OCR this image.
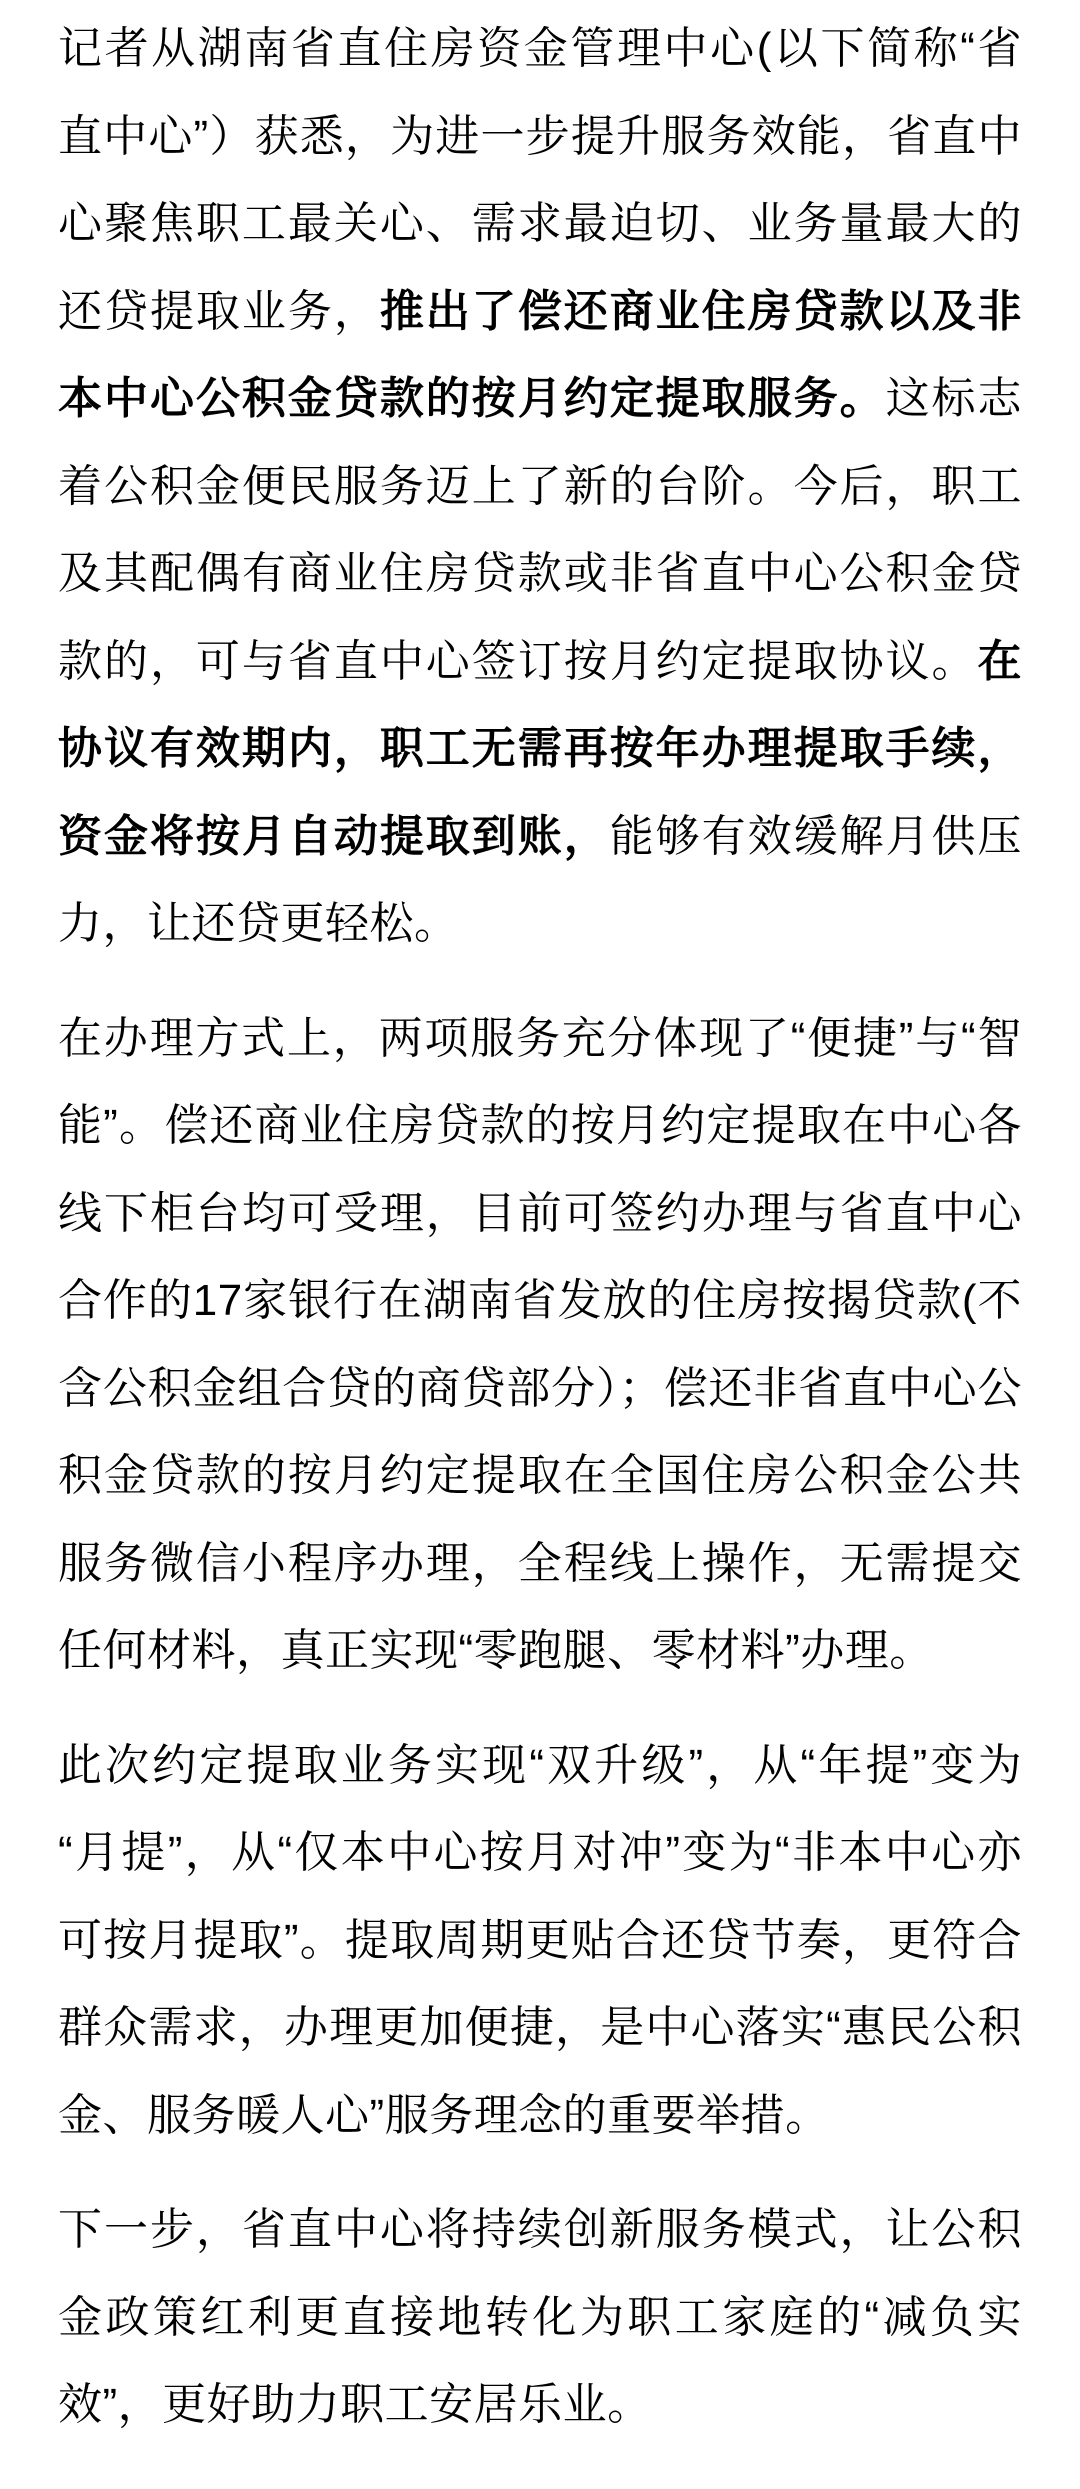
记者从湖南省直住房资金管理中心(以下简称“省直中心”）获悉，为进一步提升服务效能，省直中心聚焦职工最关心、需求最迫切、业务量最大的还贷提取业务，推出了偿还商业住房贷款以及非本中心公积金贷款的按月约定提取服务。这标志着公积金便民服务迈上了新的台阶。今后，职工及其配偶有商业住房贷款或非省直中心公积金贷款的，可与省直中心签订按月约定提取协议。在协议有效期内，职工无需再按年办理提取手续，资金将按月自动提取到账，能够有效缓解月供压力，让还贷更轻松。

在办理方式上，两项服务充分体现了“便捷”与“智能”。偿还商业住房贷款的按月约定提取在中心各线下柜台均可受理，目前可签约办理与省直中心合作的17家银行在湖南省发放的住房按揭贷款(不含公积金组合贷的商贷部分）；偿还非省直中心公积金贷款的按月约定提取在全国住房公积金公共服务微信小程序办理，全程线上操作，无需提交任何材料，真正实现“零跑腿、零材料”办理。

此次约定提取业务实现“双升级”，从“年提”变为“月提”，从“仅本中心按月对冲”变为“非本中心亦可按月提取”。提取周期更贴合还贷节奏，更符合群众需求，办理更加便捷，是中心落实“惠民公积金、服务暖人心”服务理念的重要举措。

下一步，省直中心将持续创新服务模式，让公积金政策红利更直接地转化为职工家庭的“减负实效”，更好助力职工安居乐业。
